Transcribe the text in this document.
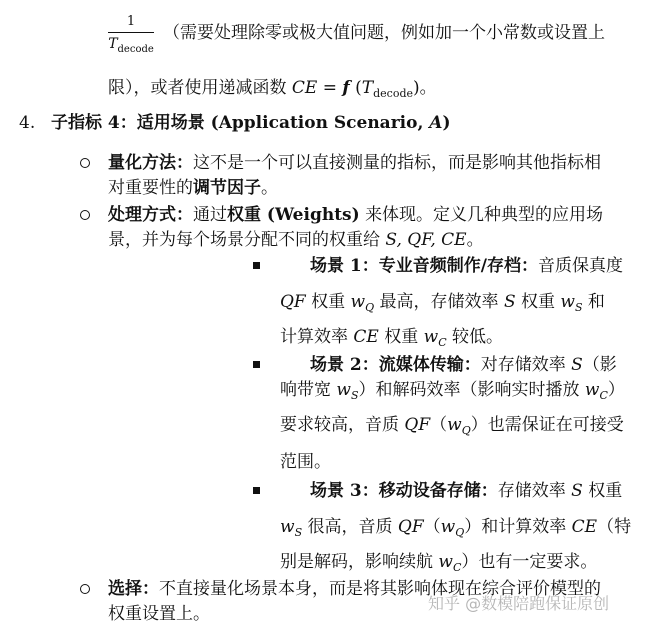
1
$T_{decode}$
（需要处理除零或极大值问题，例如加一个小常数或设置上
限），或者使用递减函数 CE = f $(T_{decode})$。
4. 子指标 4：适用场景 (Application Scenario, A)
量化方法：这不是一个可以直接测量的指标，而是影响其他指标相
对重要性的调节因子。
处理方式：通过权重 (Weights) 来体现。定义几种典型的应用场
景，并为每个场景分配不同的权重给 S, QF, CE。
场景 1：专业音频制作/存档：音质保真度
QF 权重 $w_Q$ 最高，存储效率 S 权重 $w_S$ 和
计算效率 CE 权重 $w_C$ 较低。
场景 2：流媒体传输：对存储效率 S（影
响带宽 $w_S$）和解码效率（影响实时播放 $w_C$）
要求较高，音质 $QF(w_Q)$也需保证在可接受
范围。
场景 3：移动设备存储：存储效率 S 权重
$w_S$ 很高，音质 $QF(w_Q)$和计算效率 CE（特
别是解码，影响续航 $w_C$）也有一定要求。
选择：不直接量化场景本身，而是将其影响体现在综合评价模型的
权重设置上。
知乎 @数模陪跑保证原创
